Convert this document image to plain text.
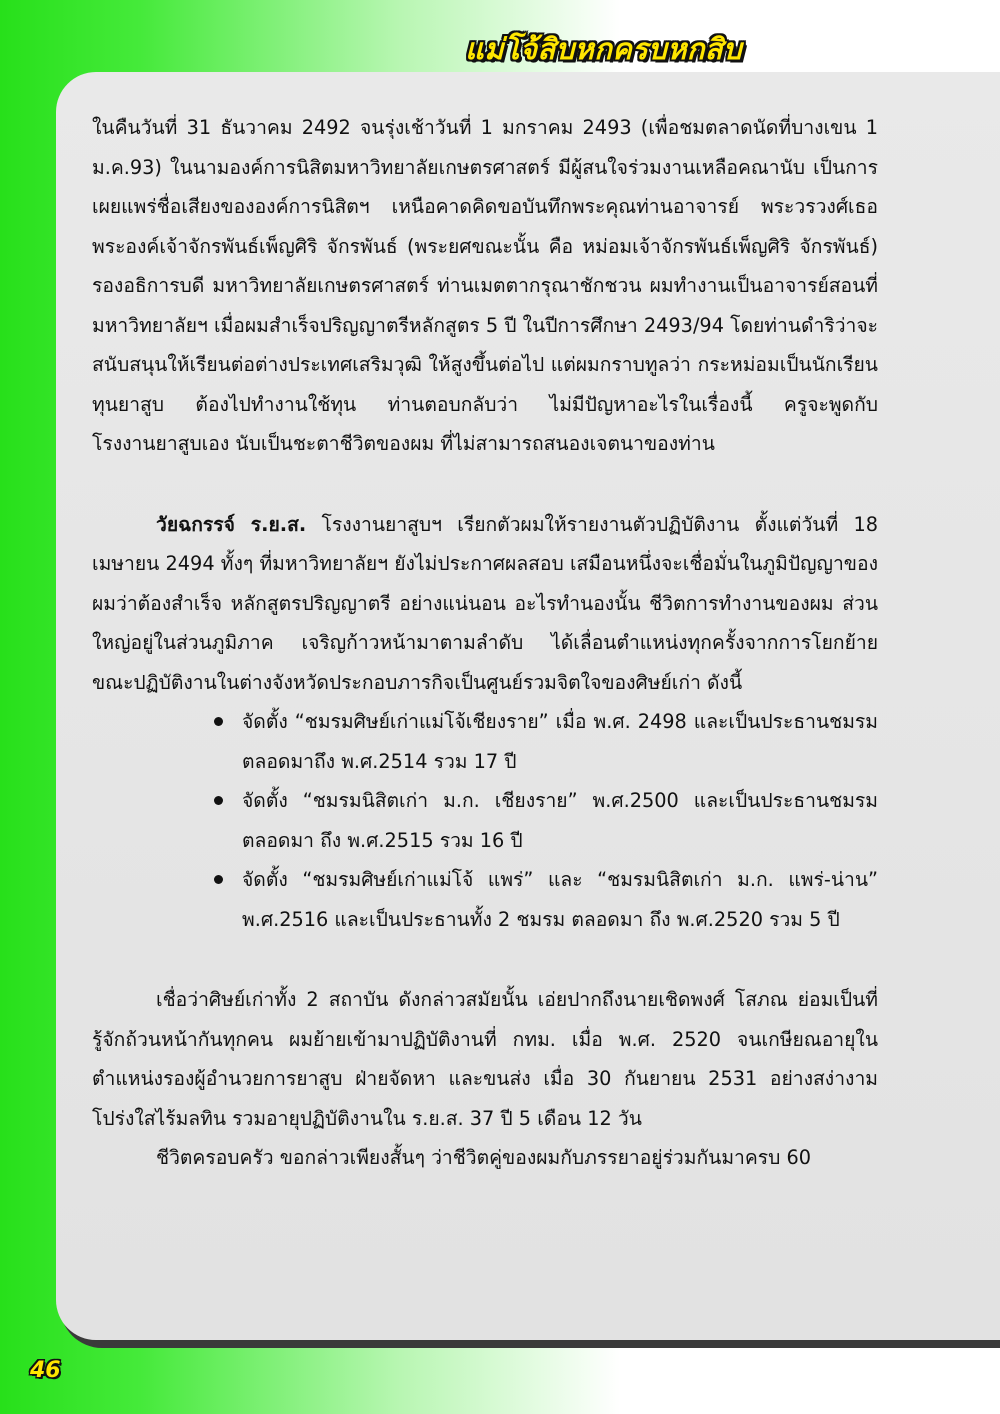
แม่โจ้สิบหกครบหกสิบ

ในคืนวันที่ 31 ธันวาคม 2492 จนรุ่งเช้าวันที่ 1 มกราคม 2493 (เพื่อชมตลาดนัดที่บางเขน 1 ม.ค.93) ในนามองค์การนิสิตมหาวิทยาลัยเกษตรศาสตร์ มีผู้สนใจร่วมงานเหลือคณานับ เป็นการเผยแพร่ชื่อเสียงขององค์การนิสิตฯ เหนือคาดคิดขอบันทึกพระคุณท่านอาจารย์ พระวรวงศ์เธอพระองค์เจ้าจักรพันธ์เพ็ญศิริ จักรพันธ์ (พระยศขณะนั้น คือ หม่อมเจ้าจักรพันธ์เพ็ญศิริ จักรพันธ์) รองอธิการบดี มหาวิทยาลัยเกษตรศาสตร์ ท่านเมตตากรุณาชักชวน ผมทำงานเป็นอาจารย์สอนที่มหาวิทยาลัยฯ เมื่อผมสำเร็จปริญญาตรีหลักสูตร 5 ปี ในปีการศึกษา 2493/94 โดยท่านดำริว่าจะสนับสนุนให้เรียนต่อต่างประเทศเสริมวุฒิ ให้สูงขึ้นต่อไป แต่ผมกราบทูลว่า กระหม่อมเป็นนักเรียนทุนยาสูบ ต้องไปทำงานใช้ทุน ท่านตอบกลับว่า ไม่มีปัญหาอะไรในเรื่องนี้ ครูจะพูดกับโรงงานยาสูบเอง นับเป็นชะตาชีวิตของผม ที่ไม่สามารถสนองเจตนาของท่าน

วัยฉกรรจ์ ร.ย.ส. โรงงานยาสูบฯ เรียกตัวผมให้รายงานตัวปฏิบัติงาน ตั้งแต่วันที่ 18 เมษายน 2494 ทั้งๆ ที่มหาวิทยาลัยฯ ยังไม่ประกาศผลสอบ เสมือนหนึ่งจะเชื่อมั่นในภูมิปัญญาของผมว่าต้องสำเร็จ หลักสูตรปริญญาตรี อย่างแน่นอน อะไรทำนองนั้น ชีวิตการทำงานของผม ส่วนใหญ่อยู่ในส่วนภูมิภาค เจริญก้าวหน้ามาตามลำดับ ได้เลื่อนตำแหน่งทุกครั้งจากการโยกย้าย ขณะปฏิบัติงานในต่างจังหวัดประกอบภารกิจเป็นศูนย์รวมจิตใจของศิษย์เก่า ดังนี้

จัดตั้ง “ชมรมศิษย์เก่าแม่โจ้เชียงราย” เมื่อ พ.ศ. 2498 และเป็นประธานชมรมตลอดมาถึง พ.ศ.2514 รวม 17 ปี
จัดตั้ง “ชมรมนิสิตเก่า ม.ก. เชียงราย” พ.ศ.2500 และเป็นประธานชมรมตลอดมา ถึง พ.ศ.2515 รวม 16 ปี
จัดตั้ง “ชมรมศิษย์เก่าแม่โจ้ แพร่” และ “ชมรมนิสิตเก่า ม.ก. แพร่-น่าน” พ.ศ.2516 และเป็นประธานทั้ง 2 ชมรม ตลอดมา ถึง พ.ศ.2520 รวม 5 ปี

เชื่อว่าศิษย์เก่าทั้ง 2 สถาบัน ดังกล่าวสมัยนั้น เอ่ยปากถึงนายเชิดพงศ์ โสภณ ย่อมเป็นที่รู้จักถ้วนหน้ากันทุกคน ผมย้ายเข้ามาปฏิบัติงานที่ กทม. เมื่อ พ.ศ. 2520 จนเกษียณอายุในตำแหน่งรองผู้อำนวยการยาสูบ ฝ่ายจัดหา และขนส่ง เมื่อ 30 กันยายน 2531 อย่างสง่างามโปร่งใสไร้มลทิน รวมอายุปฏิบัติงานใน ร.ย.ส. 37 ปี 5 เดือน 12 วัน

ชีวิตครอบครัว ขอกล่าวเพียงสั้นๆ ว่าชีวิตคู่ของผมกับภรรยาอยู่ร่วมกันมาครบ 60

46
